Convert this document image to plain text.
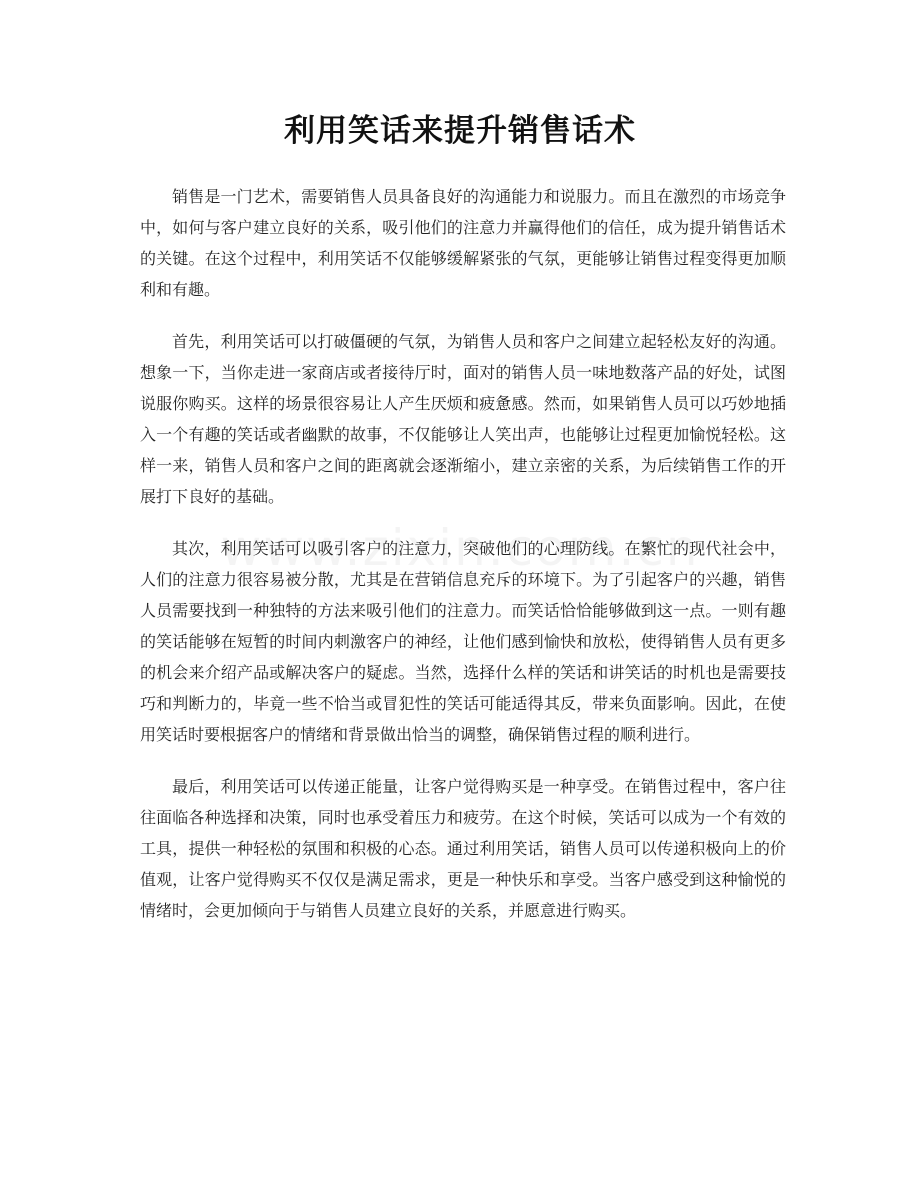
利用笑话来提升销售话术

销售是一门艺术，需要销售人员具备良好的沟通能力和说服力。而且在激烈的市场竞争中，如何与客户建立良好的关系，吸引他们的注意力并赢得他们的信任，成为提升销售话术的关键。在这个过程中，利用笑话不仅能够缓解紧张的气氛，更能够让销售过程变得更加顺利和有趣。

首先，利用笑话可以打破僵硬的气氛，为销售人员和客户之间建立起轻松友好的沟通。想象一下，当你走进一家商店或者接待厅时，面对的销售人员一味地数落产品的好处，试图说服你购买。这样的场景很容易让人产生厌烦和疲惫感。然而，如果销售人员可以巧妙地插入一个有趣的笑话或者幽默的故事，不仅能够让人笑出声，也能够让过程更加愉悦轻松。这样一来，销售人员和客户之间的距离就会逐渐缩小，建立亲密的关系，为后续销售工作的开展打下良好的基础。

其次，利用笑话可以吸引客户的注意力，突破他们的心理防线。在繁忙的现代社会中，人们的注意力很容易被分散，尤其是在营销信息充斥的环境下。为了引起客户的兴趣，销售人员需要找到一种独特的方法来吸引他们的注意力。而笑话恰恰能够做到这一点。一则有趣的笑话能够在短暂的时间内刺激客户的神经，让他们感到愉快和放松，使得销售人员有更多的机会来介绍产品或解决客户的疑虑。当然，选择什么样的笑话和讲笑话的时机也是需要技巧和判断力的，毕竟一些不恰当或冒犯性的笑话可能适得其反，带来负面影响。因此，在使用笑话时要根据客户的情绪和背景做出恰当的调整，确保销售过程的顺利进行。

最后，利用笑话可以传递正能量，让客户觉得购买是一种享受。在销售过程中，客户往往面临各种选择和决策，同时也承受着压力和疲劳。在这个时候，笑话可以成为一个有效的工具，提供一种轻松的氛围和积极的心态。通过利用笑话，销售人员可以传递积极向上的价值观，让客户觉得购买不仅仅是满足需求，更是一种快乐和享受。当客户感受到这种愉悦的情绪时，会更加倾向于与销售人员建立良好的关系，并愿意进行购买。
